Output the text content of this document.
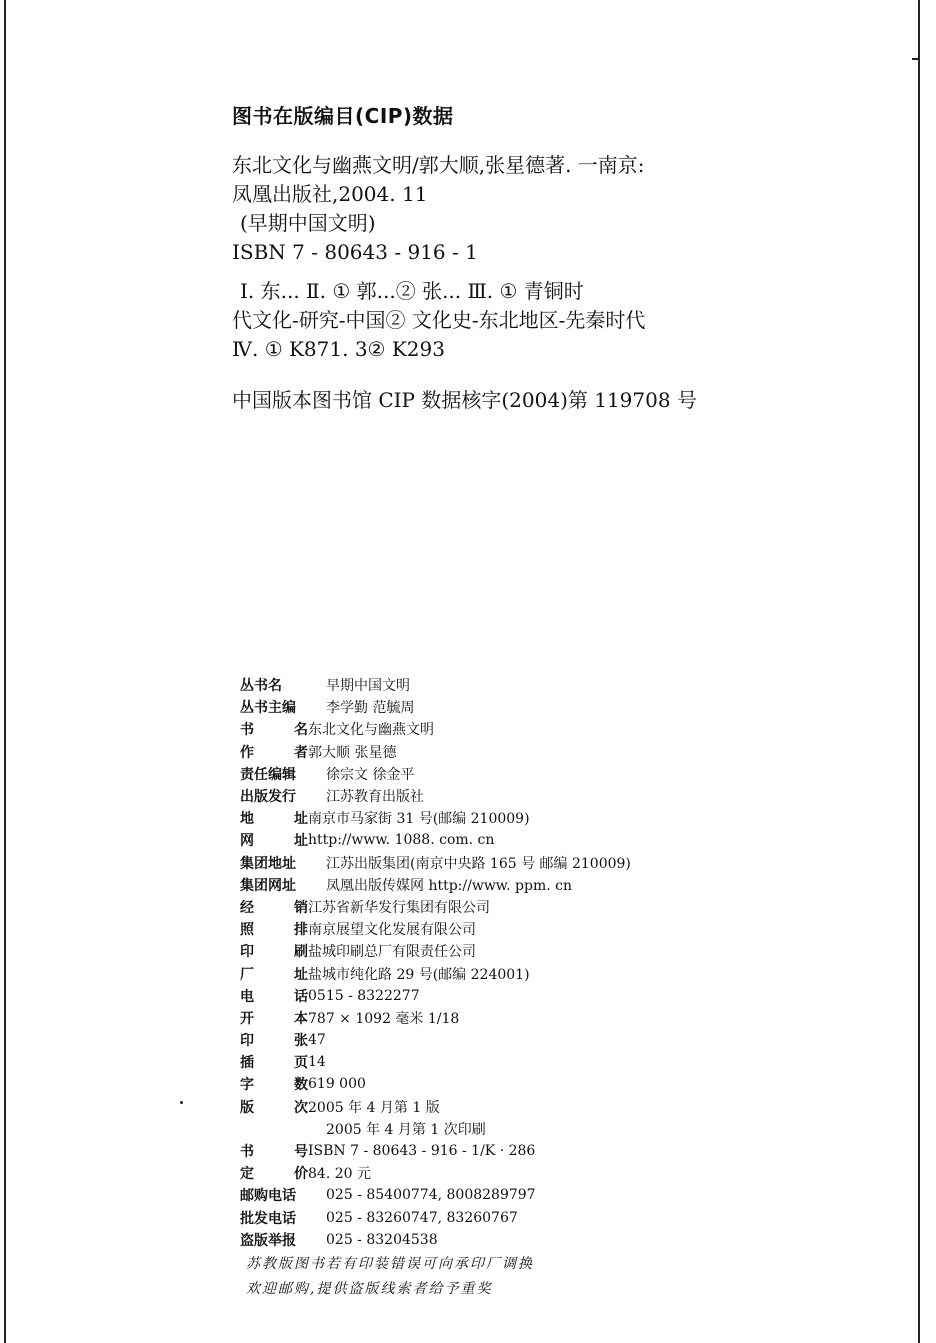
图书在版编目(CIP)数据
东北文化与幽燕文明/郭大顺,张星德著. 一南京:
凤凰出版社,2004. 11
(早期中国文明)
ISBN 7 - 80643 - 916 - 1
Ⅰ. 东... Ⅱ. ① 郭...② 张... Ⅲ. ① 青铜时
代文化-研究-中国② 文化史-东北地区-先秦时代
Ⅳ. ① K871. 3② K293
中国版本图书馆 CIP 数据核字(2004)第 119708 号
丛书名	早期中国文明
丛书主编	李学勤 范毓周
书	名 东北文化与幽燕文明
作	者 郭大顺 张星德
责任编辑	徐宗文 徐金平
出版发行	江苏教育出版社
地	址 南京市马家街 31 号(邮编 210009)
网	址 http://www. 1088. com. cn
集团地址	江苏出版集团(南京中央路 165 号 邮编 210009)
集团网址	凤凰出版传媒网 http://www. ppm. cn
经	销 江苏省新华发行集团有限公司
照	排 南京展望文化发展有限公司
印	刷 盐城印刷总厂有限责任公司
厂	址 盐城市纯化路 29 号(邮编 224001)
电	话 0515 - 8322277
开	本 787 × 1092 毫米 1/18
印	张 47
插	页 14
字	数 619 000
版	次 2005 年 4 月第 1 版
2005 年 4 月第 1 次印刷
书	号 ISBN 7 - 80643 - 916 - 1/K · 286
定	价 84. 20 元
邮购电话	025 - 85400774, 8008289797
批发电话	025 - 83260747, 83260767
盗版举报	025 - 83204538
苏教版图书若有印装错误可向承印厂调换
欢迎邮购,提供盗版线索者给予重奖
